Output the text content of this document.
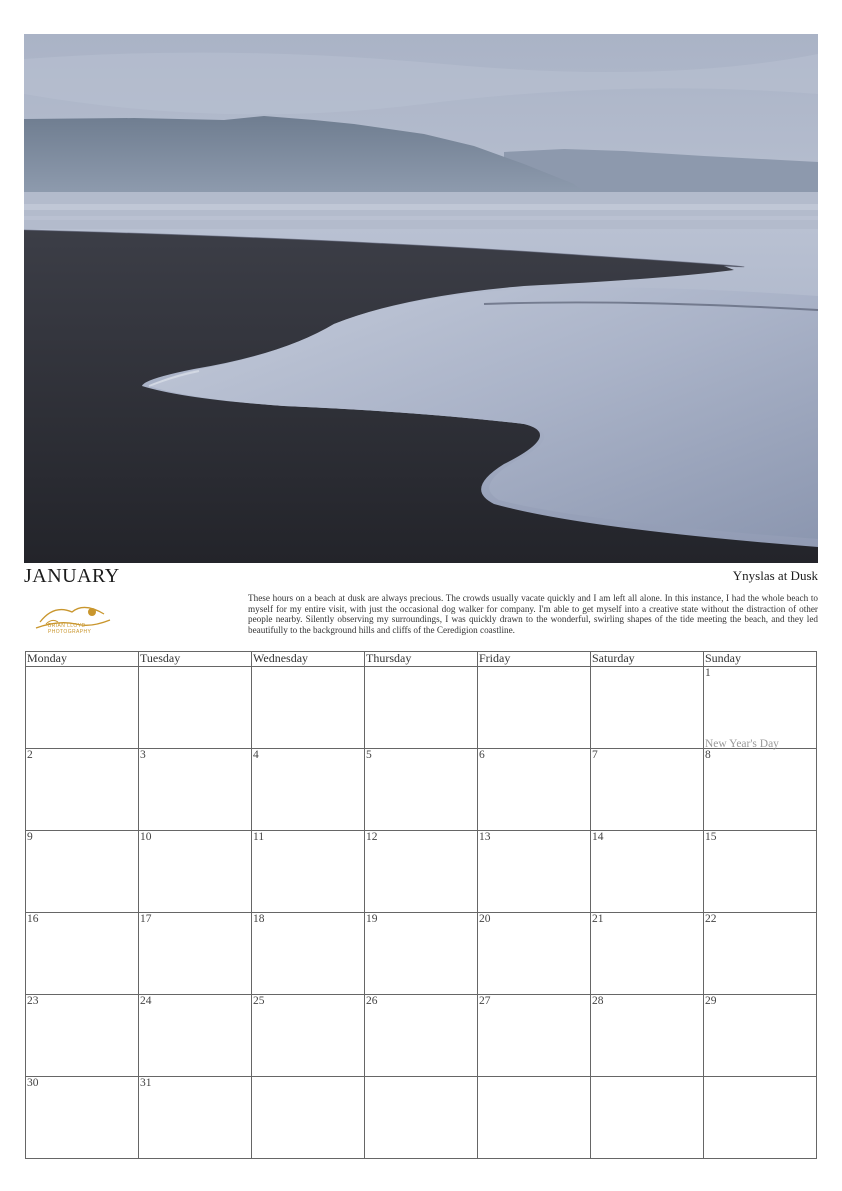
JANUARY	Ynyslas at Dusk
BRIAN LLOYD
PHOTOGRAPHY
These hours on a beach at dusk are always precious. The crowds usually vacate quickly and I am left all alone. In this instance, I had the whole beach to myself for my entire visit, with just the occasional dog walker for company. I'm able to get myself into a creative state without the distraction of other people nearby. Silently observing my surroundings, I was quickly drawn to the wonderful, swirling shapes of the tide meeting the beach, and they led beautifully to the background hills and cliffs of the Ceredigion coastline.
Monday	Tuesday	Wednesday	Thursday	Friday	Saturday	Sunday
						1
New Year's Day

2	3	4	5	6	7	8
9	10	11	12	13	14	15
16	17	18	19	20	21	22
23	24	25	26	27	28	29
30	31					
